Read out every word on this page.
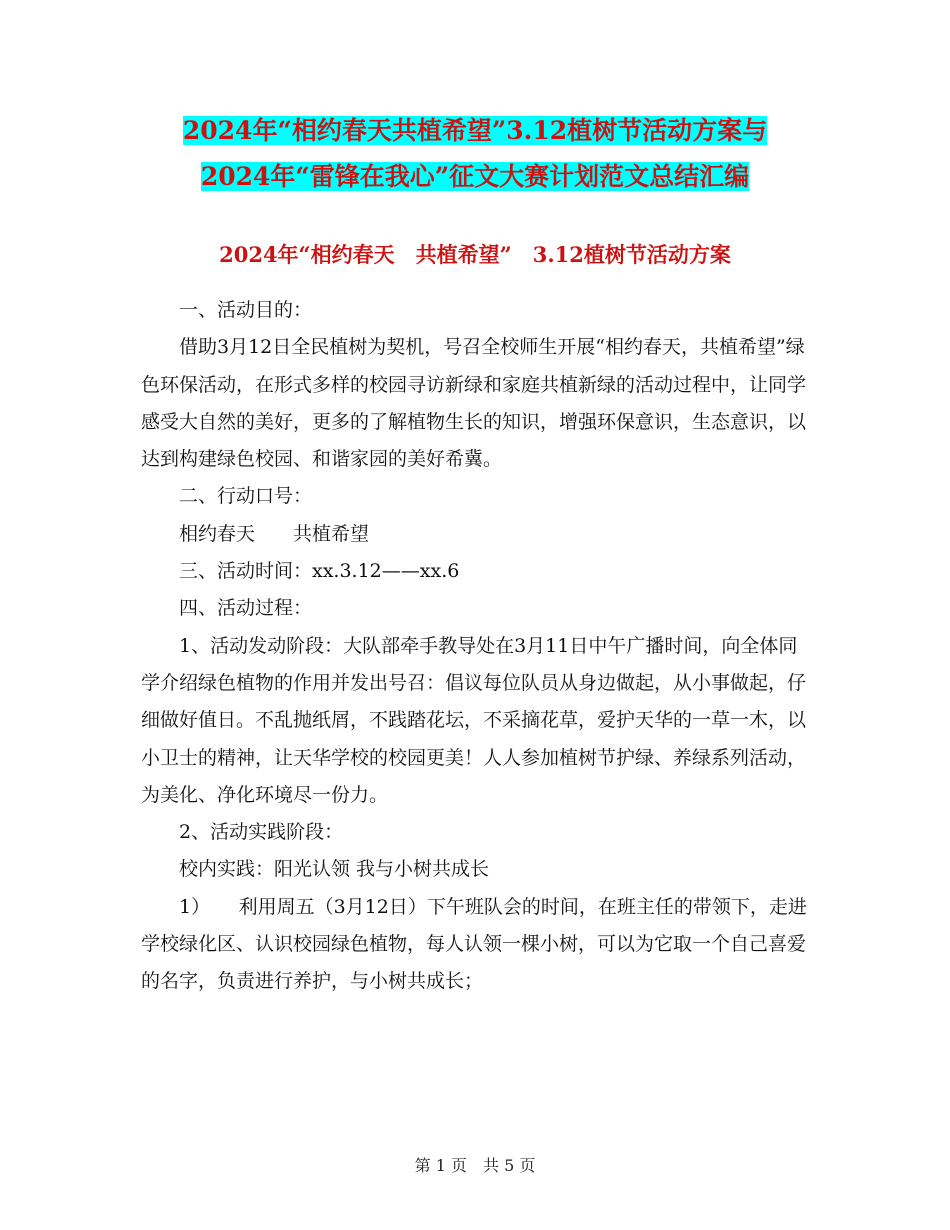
2024年“相约春天共植希望”3.12植树节活动方案与
2024年“雷锋在我心”征文大赛计划范文总结汇编
2024年“相约春天　共植希望”　3.12植树节活动方案

一、活动目的：

借助3月12日全民植树为契机，号召全校师生开展“相约春天，共植希望”绿色环保活动，在形式多样的校园寻访新绿和家庭共植新绿的活动过程中，让同学感受大自然的美好，更多的了解植物生长的知识，增强环保意识，生态意识，以达到构建绿色校园、和谐家园的美好希冀。

二、行动口号：

相约春天　　共植希望

三、活动时间：xx.3.12——xx.6

四、活动过程：

1、活动发动阶段：大队部牵手教导处在3月11日中午广播时间，向全体同学介绍绿色植物的作用并发出号召：倡议每位队员从身边做起，从小事做起，仔细做好值日。不乱抛纸屑，不践踏花坛，不采摘花草，爱护天华的一草一木，以小卫士的精神，让天华学校的校园更美！人人参加植树节护绿、养绿系列活动，为美化、净化环境尽一份力。

2、活动实践阶段：

校内实践：阳光认领 我与小树共成长

1）　　利用周五（3月12日）下午班队会的时间，在班主任的带领下，走进学校绿化区、认识校园绿色植物，每人认领一棵小树，可以为它取一个自己喜爱的名字，负责进行养护，与小树共成长；

第 1 页　共 5 页
